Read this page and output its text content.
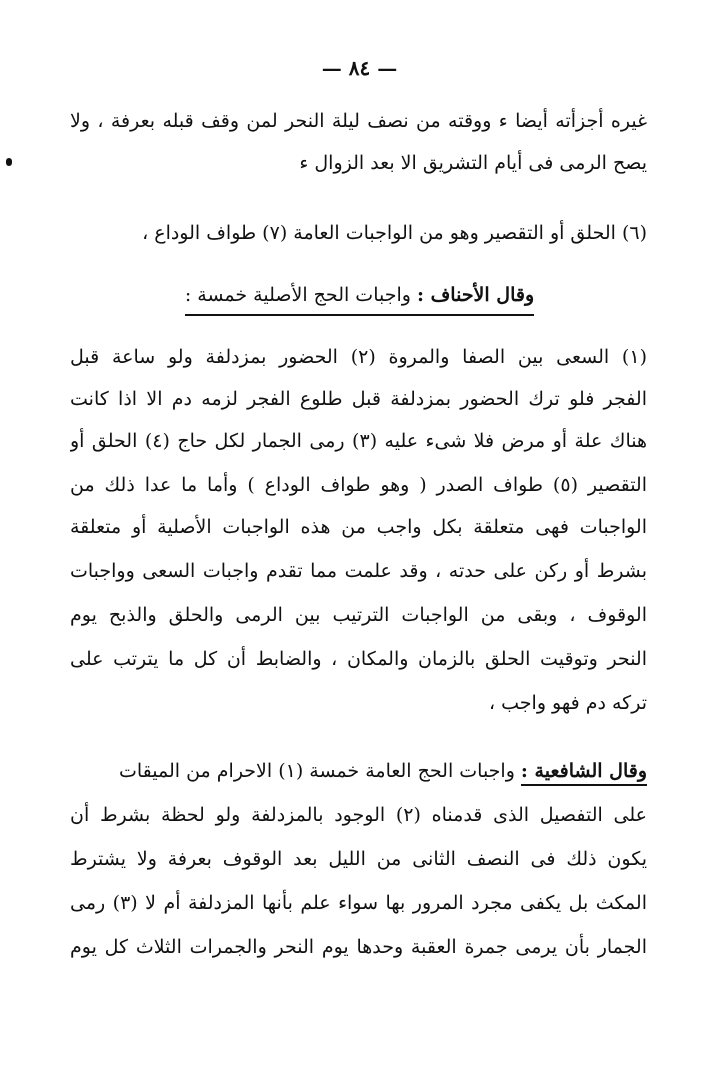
— ٨٤ —
غيره أجزأته أيضا ء ووقته من نصف ليلة النحر لمن وقف قبله بعرفة ، ولا
يصح الرمى فى أيام التشريق الا بعد الزوال ء
(٦) الحلق أو التقصير وهو من الواجبات العامة (٧) طواف الوداع ،
وقال الأحناف : واجبات الحج الأصلية خمسة :
(١) السعى بين الصفا والمروة (٢) الحضور بمزدلفة ولو ساعة قبل
الفجر فلو ترك الحضور بمزدلفة قبل طلوع الفجر لزمه دم الا اذا كانت
هناك علة أو مرض فلا شىء عليه (٣) رمى الجمار لكل حاج (٤) الحلق أو
التقصير (٥) طواف الصدر ( وهو طواف الوداع ) وأما ما عدا ذلك من
الواجبات فهى متعلقة بكل واجب من هذه الواجبات الأصلية أو متعلقة
بشرط أو ركن على حدته ، وقد علمت مما تقدم واجبات السعى وواجبات
الوقوف ، وبقى من الواجبات الترتيب بين الرمى والحلق والذبح يوم
النحر وتوقيت الحلق بالزمان والمكان ، والضابط أن كل ما يترتب على
تركه دم فهو واجب ،
وقال الشافعية : واجبات الحج العامة خمسة (١) الاحرام من الميقات
على التفصيل الذى قدمناه (٢) الوجود بالمزدلفة ولو لحظة بشرط أن
يكون ذلك فى النصف الثانى من الليل بعد الوقوف بعرفة ولا يشترط
المكث بل يكفى مجرد المرور بها سواء علم بأنها المزدلفة أم لا (٣) رمى
الجمار بأن يرمى جمرة العقبة وحدها يوم النحر والجمرات الثلاث كل يوم
